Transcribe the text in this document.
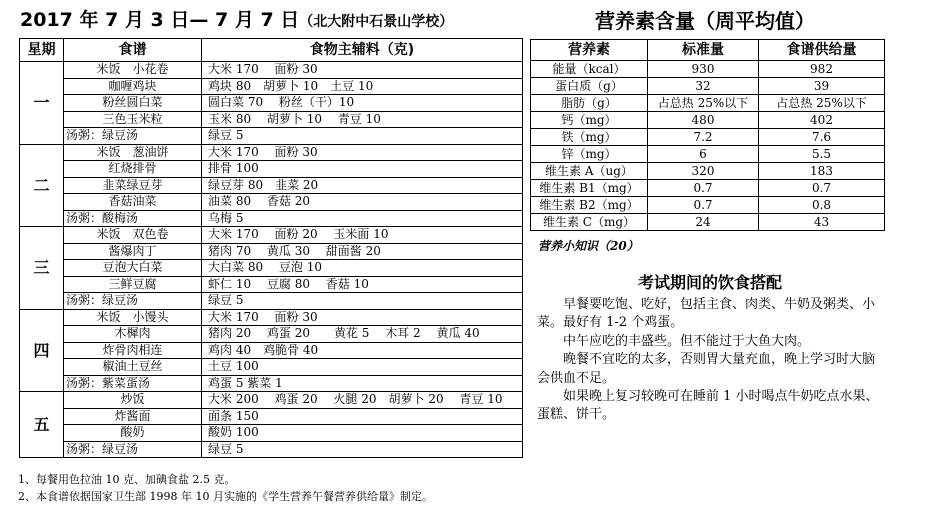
2017 年 7 月 3 日— 7 月 7 日（北大附中石景山学校）
星期	食谱	食物主辅料（克)
一	米饭　小花卷	大米 170　 面粉 30
	咖喱鸡块	鸡块 80　胡萝卜 10　土豆 10
	粉丝圆白菜	圆白菜 70　 粉丝（干）10
	三色玉米粒	玉米 80　 胡萝卜 10　 青豆 10
	汤粥：绿豆汤	绿豆 5
二	米饭　葱油饼	大米 170　 面粉 30
	红烧排骨	排骨 100
	韭菜绿豆芽	绿豆芽 80　韭菜 20
	香菇油菜	油菜 80　 香菇 20
	汤粥：酸梅汤	乌梅 5
三	米饭　双色卷	大米 170　 面粉 20　 玉米面 10
	酱爆肉丁	猪肉 70　 黄瓜 30　 甜面酱 20
	豆泡大白菜	大白菜 80　 豆泡 10
	三鲜豆腐	虾仁 10　 豆腐 80　 香菇 10
	汤粥：绿豆汤	绿豆 5
四	米饭　小馒头	大米 170　 面粉 30
	木樨肉	猪肉 20　 鸡蛋 20　　黄花 5　 木耳 2　 黄瓜 40
	炸骨肉相连	鸡肉 40　鸡脆骨 40
	椒油土豆丝	土豆 100
	汤粥：紫菜蛋汤	鸡蛋 5 紫菜 1
五	炒饭	大米 200　 鸡蛋 20　 火腿 20　胡萝卜 20　 青豆 10
	炸酱面	面条 150
	酸奶	酸奶 100
	汤粥：绿豆汤	绿豆 5
1、每餐用色拉油 10 克、加碘食盐 2.5 克。
2、本食谱依据国家卫生部 1998 年 10 月实施的《学生营养午餐营养供给量》制定。
营养素含量（周平均值）
营养素	标准量	食谱供给量
能量（kcal）	930	982
蛋白质（g）	32	39
脂肪（g）	占总热 25%以下	占总热 25%以下
钙（mg）	480	402
铁（mg）	7.2	7.6
锌（mg）	6	5.5
维生素 A（ug）	320	183
维生素 B1（mg）	0.7	0.7
维生素 B2（mg）	0.7	0.8
维生素 C（mg）	24	43
营养小知识（20）
考试期间的饮食搭配

早餐要吃饱、吃好，包括主食、肉类、牛奶及粥类、小菜。最好有 1-2 个鸡蛋。

中午应吃的丰盛些。但不能过于大鱼大肉。

晚餐不宜吃的太多，否则胃大量充血，晚上学习时大脑会供血不足。

如果晚上复习较晚可在睡前 1 小时喝点牛奶吃点水果、蛋糕、饼干。
